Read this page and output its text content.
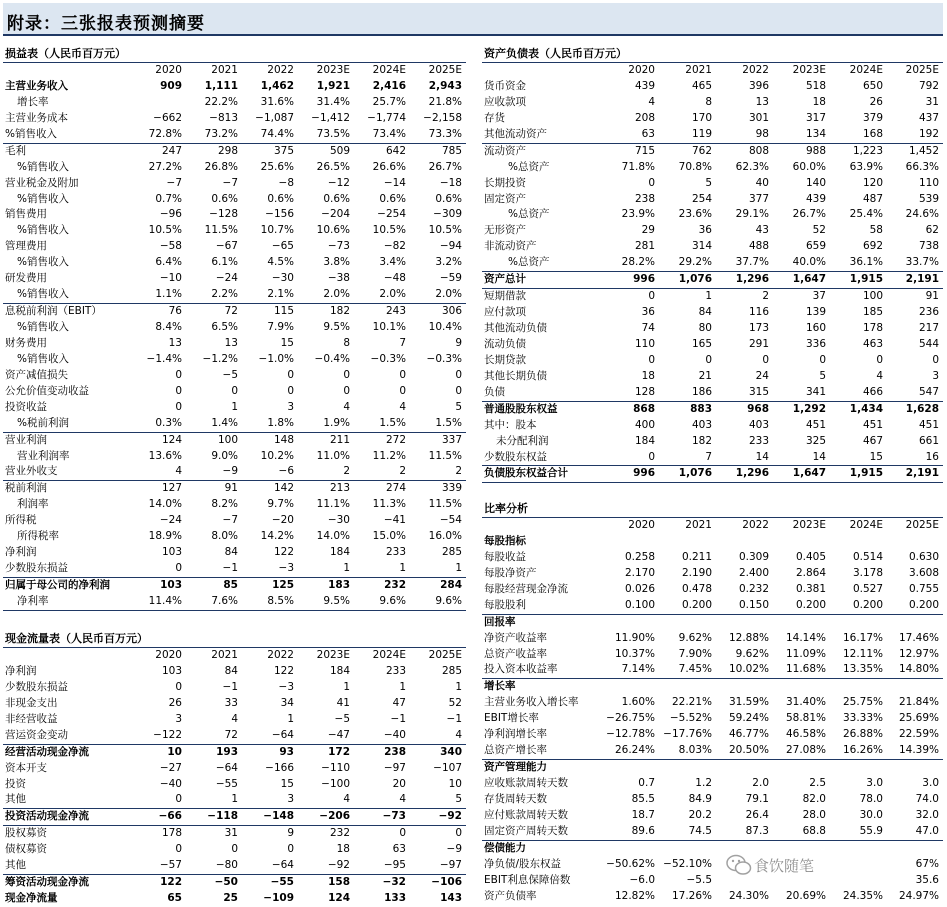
附录：三张报表预测摘要
损益表（人民币百万元）
	2020	2021	2022	2023E	2024E	2025E
主营业务收入	909	1,111	1,462	1,921	2,416	2,943
增长率		22.2%	31.6%	31.4%	25.7%	21.8%
主营业务成本	−662	−813	−1,087	−1,412	−1,774	−2,158
%销售收入	72.8%	73.2%	74.4%	73.5%	73.4%	73.3%
毛利	247	298	375	509	642	785
%销售收入	27.2%	26.8%	25.6%	26.5%	26.6%	26.7%
营业税金及附加	−7	−7	−8	−12	−14	−18
%销售收入	0.7%	0.6%	0.6%	0.6%	0.6%	0.6%
销售费用	−96	−128	−156	−204	−254	−309
%销售收入	10.5%	11.5%	10.7%	10.6%	10.5%	10.5%
管理费用	−58	−67	−65	−73	−82	−94
%销售收入	6.4%	6.1%	4.5%	3.8%	3.4%	3.2%
研发费用	−10	−24	−30	−38	−48	−59
%销售收入	1.1%	2.2%	2.1%	2.0%	2.0%	2.0%
息税前利润（EBIT）	76	72	115	182	243	306
%销售收入	8.4%	6.5%	7.9%	9.5%	10.1%	10.4%
财务费用	13	13	15	8	7	9
%销售收入	−1.4%	−1.2%	−1.0%	−0.4%	−0.3%	−0.3%
资产减值损失	0	−5	0	0	0	0
公允价值变动收益	0	0	0	0	0	0
投资收益	0	1	3	4	4	5
%税前利润	0.3%	1.4%	1.8%	1.9%	1.5%	1.5%
营业利润	124	100	148	211	272	337
营业利润率	13.6%	9.0%	10.2%	11.0%	11.2%	11.5%
营业外收支	4	−9	−6	2	2	2
税前利润	127	91	142	213	274	339
利润率	14.0%	8.2%	9.7%	11.1%	11.3%	11.5%
所得税	−24	−7	−20	−30	−41	−54
所得税率	18.9%	8.0%	14.2%	14.0%	15.0%	16.0%
净利润	103	84	122	184	233	285
少数股东损益	0	−1	−3	1	1	1
归属于母公司的净利润	103	85	125	183	232	284
净利率	11.4%	7.6%	8.5%	9.5%	9.6%	9.6%
现金流量表（人民币百万元）
	2020	2021	2022	2023E	2024E	2025E
净利润	103	84	122	184	233	285
少数股东损益	0	−1	−3	1	1	1
非现金支出	26	33	34	41	47	52
非经营收益	3	4	1	−5	−1	−1
营运资金变动	−122	72	−64	−47	−40	4
经营活动现金净流	10	193	93	172	238	340
资本开支	−27	−64	−166	−110	−97	−107
投资	−40	−55	15	−100	20	10
其他	0	1	3	4	4	5
投资活动现金净流	−66	−118	−148	−206	−73	−92
股权募资	178	31	9	232	0	0
债权募资	0	0	0	18	63	−9
其他	−57	−80	−64	−92	−95	−97
筹资活动现金净流	122	−50	−55	158	−32	−106
现金净流量	65	25	−109	124	133	143
资产负债表（人民币百万元）
	2020	2021	2022	2023E	2024E	2025E
货币资金	439	465	396	518	650	792
应收款项	4	8	13	18	26	31
存货	208	170	301	317	379	437
其他流动资产	63	119	98	134	168	192
流动资产	715	762	808	988	1,223	1,452
%总资产	71.8%	70.8%	62.3%	60.0%	63.9%	66.3%
长期投资	0	5	40	140	120	110
固定资产	238	254	377	439	487	539
%总资产	23.9%	23.6%	29.1%	26.7%	25.4%	24.6%
无形资产	29	36	43	52	58	62
非流动资产	281	314	488	659	692	738
%总资产	28.2%	29.2%	37.7%	40.0%	36.1%	33.7%
资产总计	996	1,076	1,296	1,647	1,915	2,191
短期借款	0	1	2	37	100	91
应付款项	36	84	116	139	185	236
其他流动负债	74	80	173	160	178	217
流动负债	110	165	291	336	463	544
长期贷款	0	0	0	0	0	0
其他长期负债	18	21	24	5	4	3
负债	128	186	315	341	466	547
普通股股东权益	868	883	968	1,292	1,434	1,628
其中：股本	400	403	403	451	451	451
未分配利润	184	182	233	325	467	661
少数股东权益	0	7	14	14	15	16
负债股东权益合计	996	1,076	1,296	1,647	1,915	2,191
比率分析
	2020	2021	2022	2023E	2024E	2025E
每股指标						
每股收益	0.258	0.211	0.309	0.405	0.514	0.630
每股净资产	2.170	2.190	2.400	2.864	3.178	3.608
每股经营现金净流	0.026	0.478	0.232	0.381	0.527	0.755
每股股利	0.100	0.200	0.150	0.200	0.200	0.200
回报率						
净资产收益率	11.90%	9.62%	12.88%	14.14%	16.17%	17.46%
总资产收益率	10.37%	7.90%	9.62%	11.09%	12.11%	12.97%
投入资本收益率	7.14%	7.45%	10.02%	11.68%	13.35%	14.80%
增长率						
主营业务收入增长率	1.60%	22.21%	31.59%	31.40%	25.75%	21.84%
EBIT增长率	−26.75%	−5.52%	59.24%	58.81%	33.33%	25.69%
净利润增长率	−12.78%	−17.76%	46.77%	46.58%	26.88%	22.59%
总资产增长率	26.24%	8.03%	20.50%	27.08%	16.26%	14.39%
资产管理能力						
应收账款周转天数	0.7	1.2	2.0	2.5	3.0	3.0
存货周转天数	85.5	84.9	79.1	82.0	78.0	74.0
应付账款周转天数	18.7	20.2	26.4	28.0	30.0	32.0
固定资产周转天数	89.6	74.5	87.3	68.8	55.9	47.0
偿债能力						
净负债/股东权益	−50.62%	−52.10%				67%
EBIT利息保障倍数	−6.0	−5.5				35.6
资产负债率	12.82%	17.26%	24.30%	20.69%	24.35%	24.97%
食饮随笔
